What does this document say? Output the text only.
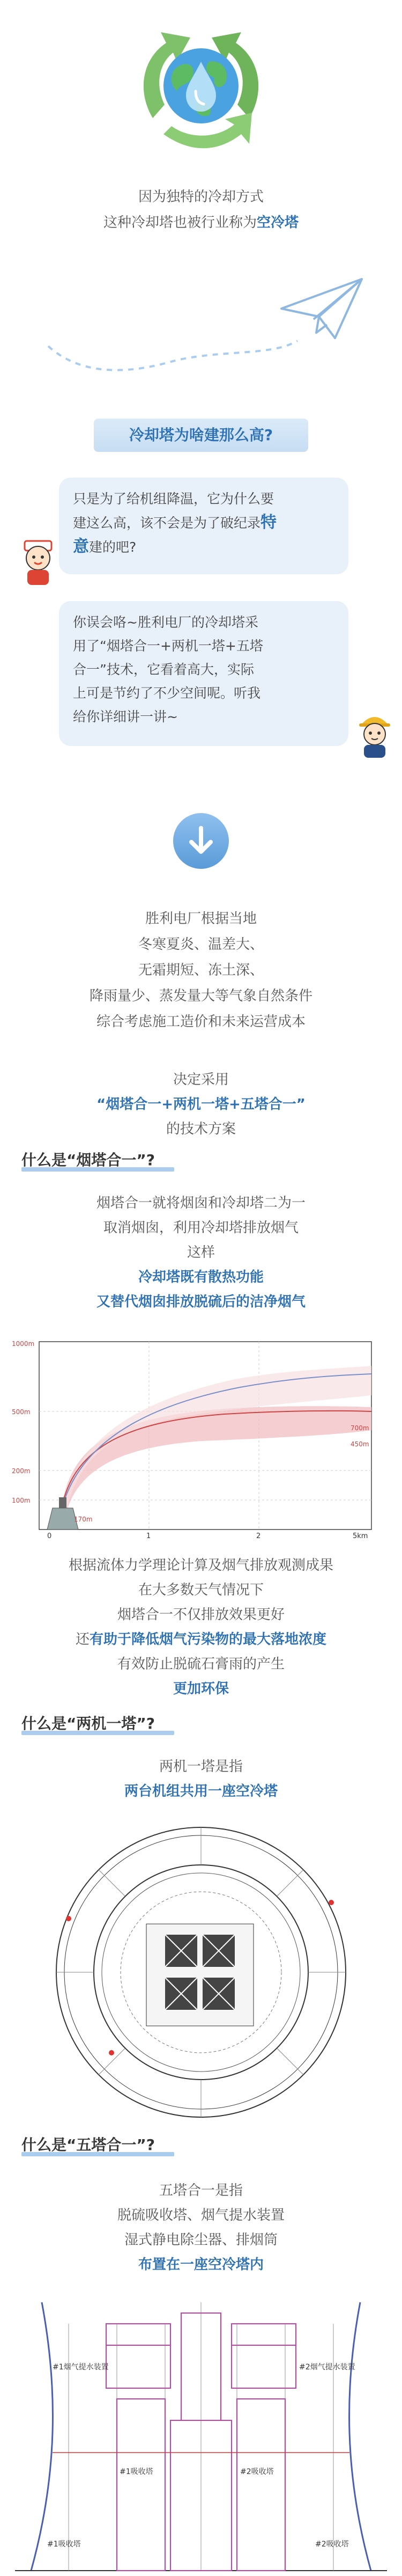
因为独特的冷却方式
这种冷却塔也被行业称为空冷塔
冷却塔为啥建那么高?
只是为了给机组降温，它为什么要
建这么高，该不会是为了破纪录特
意建的吧?
你误会咯~胜利电厂的冷却塔采
用了“烟塔合一+两机一塔+五塔
合一”技术，它看着高大，实际
上可是节约了不少空间呢。听我
给你详细讲一讲~
胜利电厂根据当地
冬寒夏炎、温差大、
无霜期短、冻土深、
降雨量少、蒸发量大等气象自然条件
综合考虑施工造价和未来运营成本
决定采用
“烟塔合一+两机一塔+五塔合一”
的技术方案
什么是“烟塔合一”?
烟塔合一就将烟囱和冷却塔二为一
取消烟囱，利用冷却塔排放烟气
这样
冷却塔既有散热功能
又替代烟囱排放脱硫后的洁净烟气
1000m
500m
200m
100m
170m
0	1	2	5km
700m
450m
根据流体力学理论计算及烟气排放观测成果
在大多数天气情况下
烟塔合一不仅排放效果更好
还有助于降低烟气污染物的最大落地浓度
有效防止脱硫石膏雨的产生
更加环保
什么是“两机一塔”?
两机一塔是指
两台机组共用一座空冷塔
什么是“五塔合一”?
五塔合一是指
脱硫吸收塔、烟气提水装置
湿式静电除尘器、排烟筒
布置在一座空冷塔内
#1烟气提水装置	#2烟气提水装置
#1吸收塔	#2吸收塔
#1吸收塔	#2吸收塔
